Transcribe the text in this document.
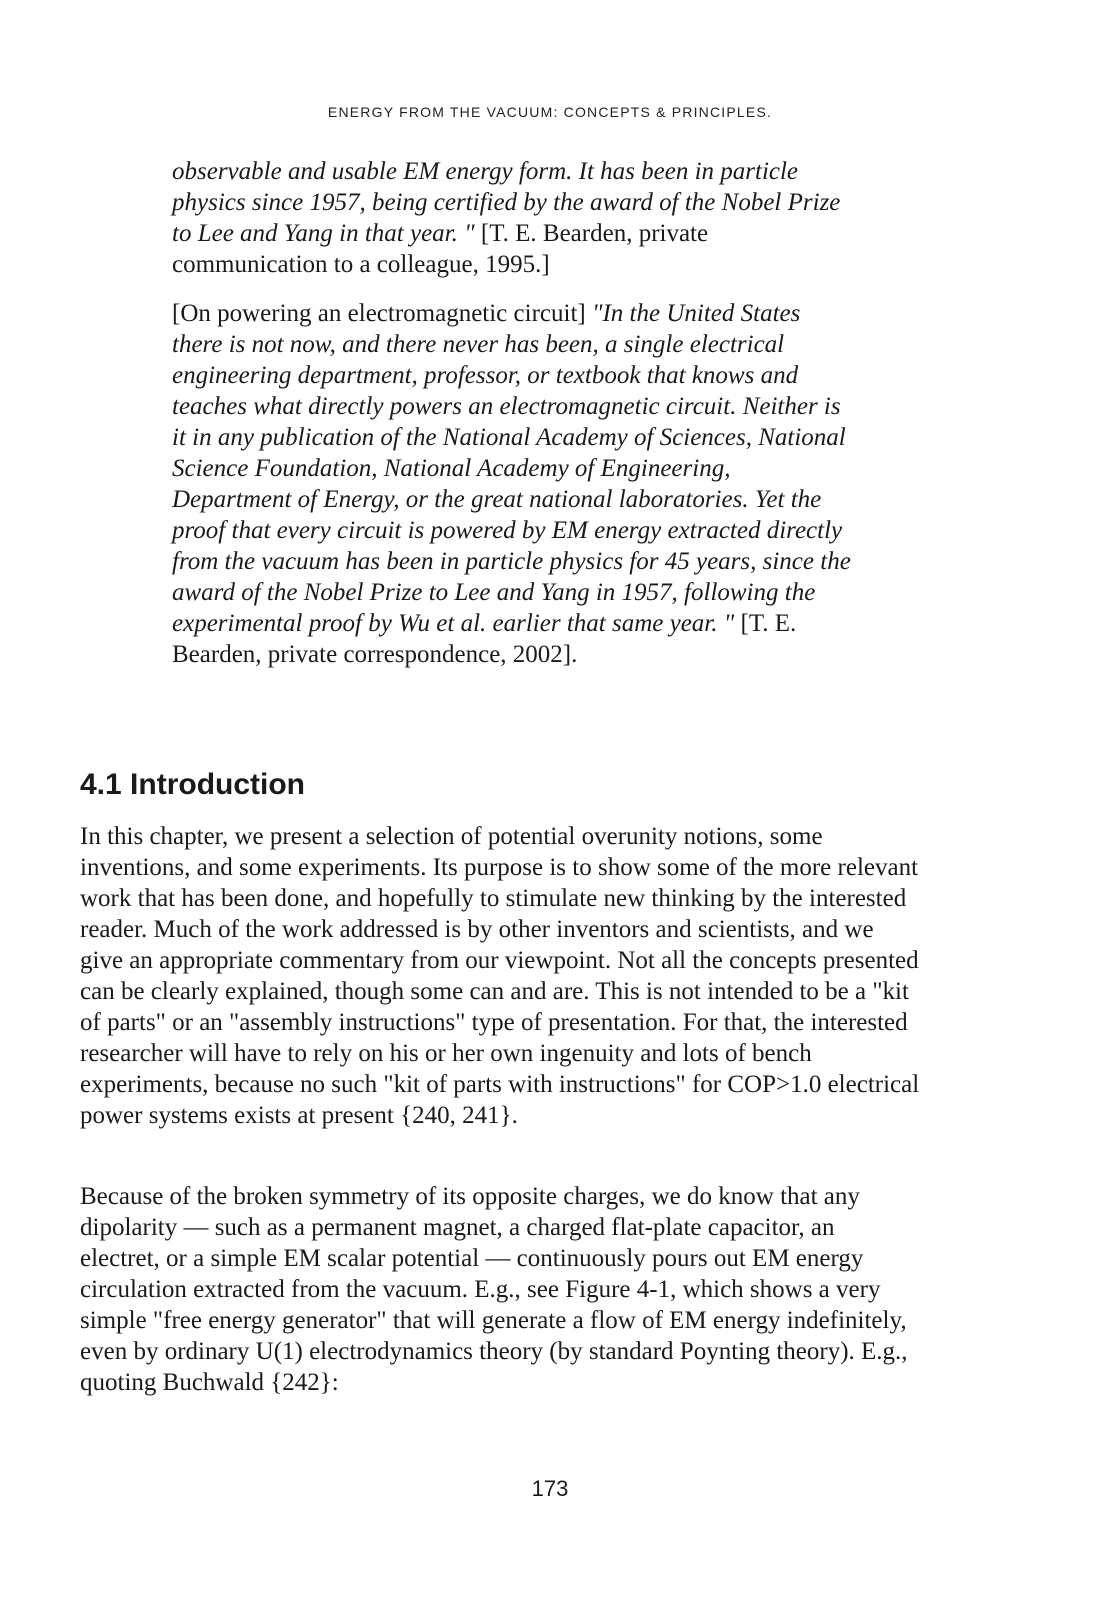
ENERGY FROM THE VACUUM: CONCEPTS & PRINCIPLES.

observable and usable EM energy form. It has been in particle physics since 1957, being certified by the award of the Nobel Prize to Lee and Yang in that year. " [T. E. Bearden, private communication to a colleague, 1995.]

[On powering an electromagnetic circuit] "In the United States there is not now, and there never has been, a single electrical engineering department, professor, or textbook that knows and teaches what directly powers an electromagnetic circuit. Neither is it in any publication of the National Academy of Sciences, National Science Foundation, National Academy of Engineering, Department of Energy, or the great national laboratories. Yet the proof that every circuit is powered by EM energy extracted directly from the vacuum has been in particle physics for 45 years, since the award of the Nobel Prize to Lee and Yang in 1957, following the experimental proof by Wu et al. earlier that same year. " [T. E. Bearden, private correspondence, 2002].

4.1 Introduction

In this chapter, we present a selection of potential overunity notions, some inventions, and some experiments. Its purpose is to show some of the more relevant work that has been done, and hopefully to stimulate new thinking by the interested reader. Much of the work addressed is by other inventors and scientists, and we give an appropriate commentary from our viewpoint. Not all the concepts presented can be clearly explained, though some can and are. This is not intended to be a "kit of parts" or an "assembly instructions" type of presentation. For that, the interested researcher will have to rely on his or her own ingenuity and lots of bench experiments, because no such "kit of parts with instructions" for COP>1.0 electrical power systems exists at present {240, 241}.

Because of the broken symmetry of its opposite charges, we do know that any dipolarity — such as a permanent magnet, a charged flat-plate capacitor, an electret, or a simple EM scalar potential — continuously pours out EM energy circulation extracted from the vacuum. E.g., see Figure 4-1, which shows a very simple "free energy generator" that will generate a flow of EM energy indefinitely, even by ordinary U(1) electrodynamics theory (by standard Poynting theory). E.g., quoting Buchwald {242}:

173
